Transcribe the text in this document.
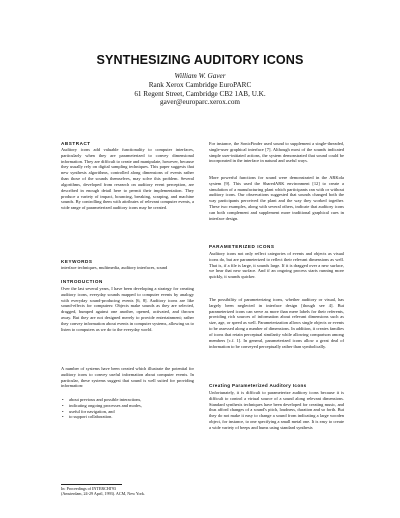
SYNTHESIZING AUDITORY ICONS
William W. Gaver
Rank Xerox Cambridge EuroPARC
61 Regent Street, Cambridge CB2 1AB, U.K.
gaver@europarc.xerox.com
ABSTRACT

Auditory icons add valuable functionality to computer interfaces, particularly when they are parameterized to convey dimensional information. They are difficult to create and manipulate, however, because they usually rely on digital sampling techniques. This paper suggests that new synthesis algorithms, controlled along dimensions of events rather than those of the sounds themselves, may solve this problem. Several algorithms, developed from research on auditory event perception, are described in enough detail here to permit their implementation. They produce a variety of impact, bouncing, breaking, scraping, and machine sounds. By controlling them with attributes of relevant computer events, a wide range of parameterized auditory icons may be created.

KEYWORDS

interface techniques, multimedia, auditory interfaces, sound

INTRODUCTION

Over the last several years, I have been developing a strategy for creating auditory icons, everyday sounds mapped to computer events by analogy with everyday sound-producing events [6, 8]. Auditory icons are like sound-effects for computers: Objects make sounds as they are selected, dragged, bumped against one another, opened, activated, and thrown away. But they are not designed merely to provide entertainment; rather they convey information about events in computer systems, allowing us to listen to computers as we do to the everyday world.

A number of systems have been created which illustrate the potential for auditory icons to convey useful information about computer events. In particular, these systems suggest that sound is well suited for providing information:

• about previous and possible interactions,
• indicating ongoing processes and modes,
• useful for navigation, and
• to support collaboration.
In: Proceedings of INTERCHI'93
(Amsterdam, 24-29 April, 1993). ACM, New York.

For instance, the SonicFinder used sound to supplement a single-threaded, single-user graphical interface [7]. Although most of the sounds indicated simple user-initiated actions, the system demonstrated that sound could be incorporated in the interface in natural and useful ways.

More powerful functions for sound were demonstrated in the ARKola system [9]. This used the SharedARK environment [12] to create a simulation of a manufacturing plant which participants ran with or without auditory icons. Our observations suggested that sounds changed both the way participants perceived the plant and the way they worked together. These two examples, along with several others, indicate that auditory icons can both complement and supplement more traditional graphical cues in interface design.

PARAMETERIZED ICONS

Auditory icons not only reflect categories of events and objects as visual icons do, but are parameterized to reflect their relevant dimensions as well. That is, if a file is large, it sounds large. If it is dragged over a new surface, we hear that new surface. And if an ongoing process starts running more quickly, it sounds quicker.

The possibility of parameterizing icons, whether auditory or visual, has largely been neglected in interface design [though see 4]. But parameterized icons can serve as more than mere labels for their referents, providing rich sources of information about relevant dimensions such as size, age, or speed as well. Parameterization allows single objects or events to be assessed along a number of dimensions. In addition, it creates families of icons that retain perceptual similarity while allowing comparison among members [c.f. 1]. In general, parameterized icons allow a great deal of information to be conveyed perceptually rather than symbolically.

Creating Parameterized Auditory Icons

Unfortunately, it is difficult to parameterize auditory icons because it is difficult to control a virtual source of a sound along relevant dimensions. Standard synthesis techniques have been developed for creating music, and thus afford changes of a sound's pitch, loudness, duration and so forth. But they do not make it easy to change a sound from indicating a large wooden object, for instance, to one specifying a small metal one. It is easy to create a wide variety of beeps and hums using standard synthesis
